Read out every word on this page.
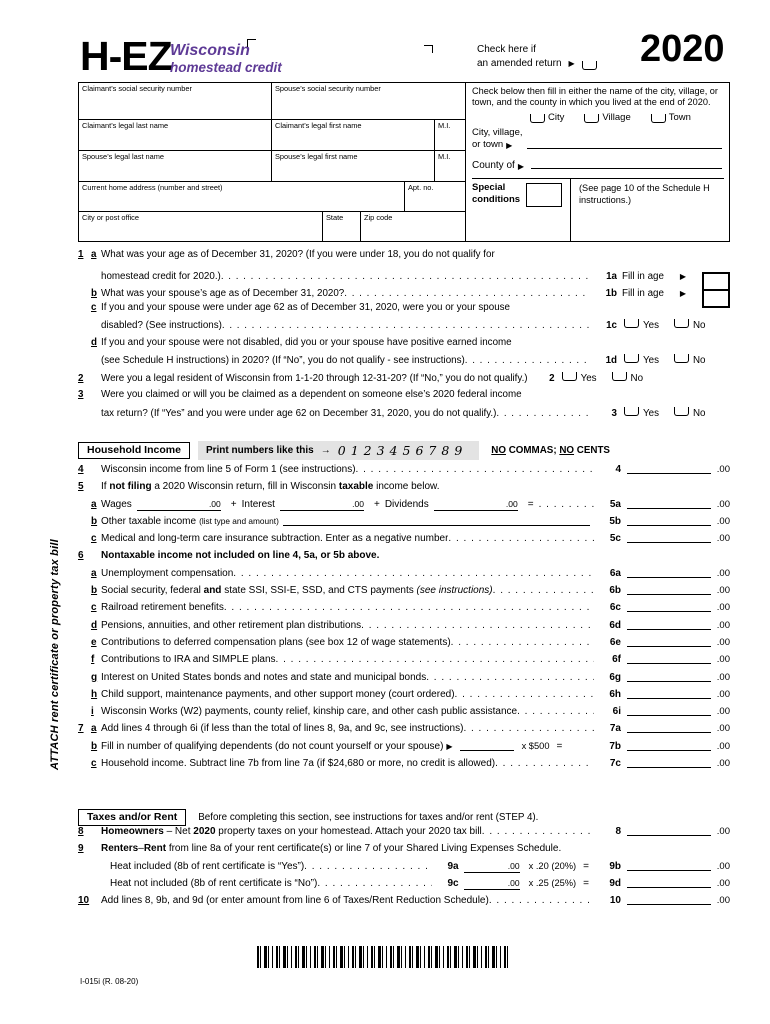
H-EZ
Wisconsin
homestead credit
Check here if
an amended return ▶ 2020
Claimant’s social security number	Spouse’s social security number
Claimant’s legal last name	Claimant’s legal first name	M.I.
Spouse’s legal last name	Spouse’s legal first name	M.I.
Current home address (number and street)	Apt. no.
City or post office	State	Zip code
Check below then fill in either the name of the city, village, or town, and the county in which you lived at the end of 2020.
City	Village	Town
City, village,
or town ▶
County of ▶
Special
conditions
(See page 10 of the Schedule H instructions.)
1 a What was your age as of December 31, 2020? (If you were under 18, you do not qualify for
homestead credit for 2020.) . . .	1a Fill in age ▶
b What was your spouse’s age as of December 31, 2020? . . .	1b Fill in age ▶
c If you and your spouse were under age 62 as of December 31, 2020, were you or your spouse
disabled? (See instructions) . . .	1c	Yes	No
d If you and your spouse were not disabled, did you or your spouse have positive earned income
(see Schedule H instructions) in 2020? (If “No”, you do not qualify - see instructions) . . .	1d	Yes	No
2	Were you a legal resident of Wisconsin from 1-1-20 through 12-31-20? (If “No,” you do not qualify.)	2	Yes	No
3	Were you claimed or will you be claimed as a dependent on someone else’s 2020 federal income
tax return? (If “Yes” and you were under age 62 on December 31, 2020, you do not qualify.) . . .	3	Yes	No
Household Income	Print numbers like this → 0123456789 NO COMMAS; NO CENTS
4	Wisconsin income from line 5 of Form 1 (see instructions) . . .	4	.00
5	If not filing a 2020 Wisconsin return, fill in Wisconsin taxable income below.
a Wages	.00 + Interest	.00 + Dividends	.00 = . . .	5a	.00
b Other taxable income (list type and amount)	5b	.00
c Medical and long-term care insurance subtraction. Enter as a negative number . . .	5c	.00
6	Nontaxable income not included on line 4, 5a, or 5b above.
a Unemployment compensation . . .	6a	.00
b Social security, federal and state SSI, SSI-E, SSD, and CTS payments (see instructions) . . .	6b	.00
c Railroad retirement benefits . . .	6c	.00
d Pensions, annuities, and other retirement plan distributions . . .	6d	.00
e Contributions to deferred compensation plans (see box 12 of wage statements) . . .	6e	.00
f Contributions to IRA and SIMPLE plans . . .	6f	.00
g Interest on United States bonds and notes and state and municipal bonds . . .	6g	.00
h Child support, maintenance payments, and other support money (court ordered) . . .	6h	.00
i Wisconsin Works (W2) payments, county relief, kinship care, and other cash public assistance . . .	6i	.00
7 a Add lines 4 through 6i (if less than the total of lines 8, 9a, and 9c, see instructions) . . .	7a	.00
b Fill in number of qualifying dependents (do not count yourself or your spouse) ▶	x $500 =	7b	.00
c Household income. Subtract line 7b from line 7a (if $24,680 or more, no credit is allowed) . . .	7c	.00
Taxes and/or Rent	Before completing this section, see instructions for taxes and/or rent (STEP 4).
8	Homeowners – Net 2020 property taxes on your homestead. Attach your 2020 tax bill . . .	8	.00
9	Renters–Rent from line 8a of your rent certificate(s) or line 7 of your Shared Living Expenses Schedule.
Heat included (8b of rent certificate is “Yes”) . . .	9a	.00 x .20 (20%) =	9b	.00
Heat not included (8b of rent certificate is “No”) . . .	9c	.00 x .25 (25%) =	9d	.00
10 Add lines 8, 9b, and 9d (or enter amount from line 6 of Taxes/Rent Reduction Schedule) . . .	10	.00
ATTACH rent certificate or property tax bill
I-015i (R. 08-20)
